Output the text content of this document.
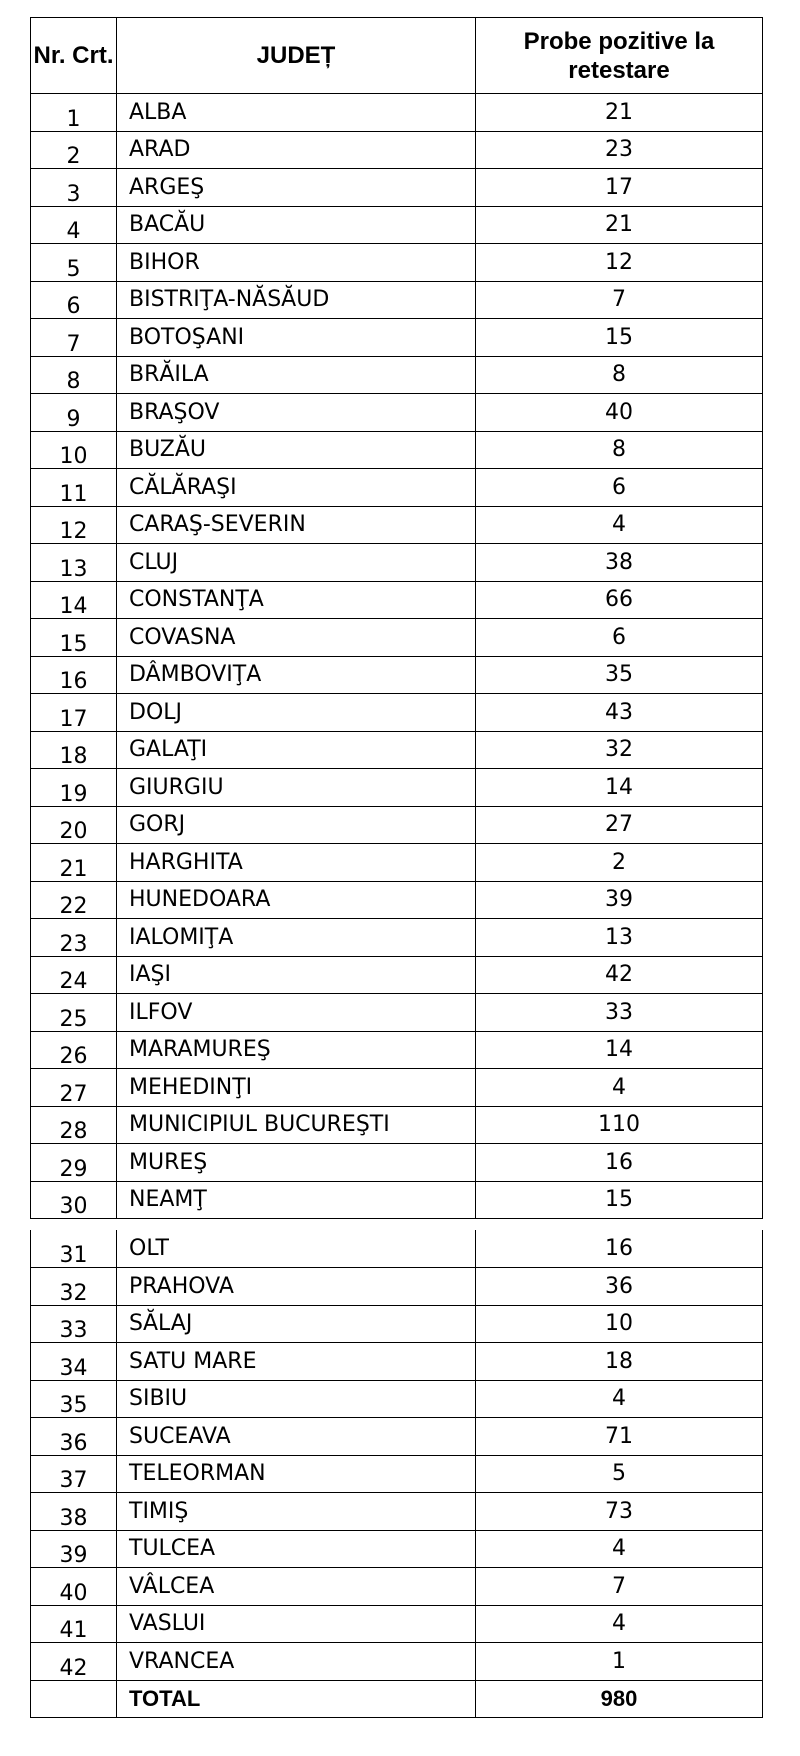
Nr. Crt.	JUDEȚ	Probe pozitive la retestare
1	ALBA	21
2	ARAD	23
3	ARGEŞ	17
4	BACĂU	21
5	BIHOR	12
6	BISTRIŢA-NĂSĂUD	7
7	BOTOŞANI	15
8	BRĂILA	8
9	BRAŞOV	40
10	BUZĂU	8
11	CĂLĂRAŞI	6
12	CARAŞ-SEVERIN	4
13	CLUJ	38
14	CONSTANŢA	66
15	COVASNA	6
16	DÂMBOVIŢA	35
17	DOLJ	43
18	GALAŢI	32
19	GIURGIU	14
20	GORJ	27
21	HARGHITA	2
22	HUNEDOARA	39
23	IALOMIŢA	13
24	IAŞI	42
25	ILFOV	33
26	MARAMUREŞ	14
27	MEHEDINŢI	4
28	MUNICIPIUL BUCUREŞTI	110
29	MUREŞ	16
30	NEAMŢ	15
31	OLT	16
32	PRAHOVA	36
33	SĂLAJ	10
34	SATU MARE	18
35	SIBIU	4
36	SUCEAVA	71
37	TELEORMAN	5
38	TIMIŞ	73
39	TULCEA	4
40	VÂLCEA	7
41	VASLUI	4
42	VRANCEA	1
	TOTAL	980
